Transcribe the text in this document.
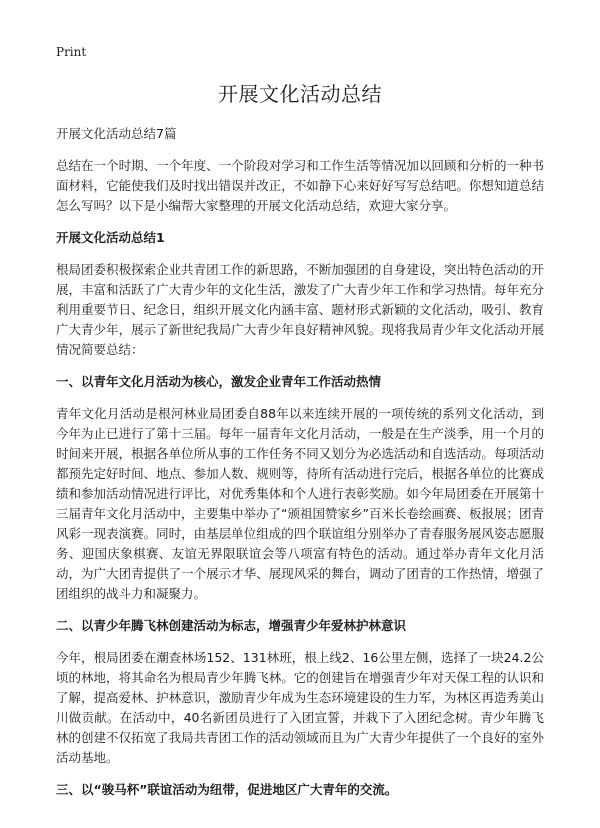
Print
开展文化活动总结

开展文化活动总结7篇

总结在一个时期、一个年度、一个阶段对学习和工作生活等情况加以回顾和分析的一种书面材料，它能使我们及时找出错误并改正，不如静下心来好好写写总结吧。你想知道总结怎么写吗？以下是小编帮大家整理的开展文化活动总结，欢迎大家分享。

开展文化活动总结1

根局团委积极探索企业共青团工作的新思路，不断加强团的自身建设，突出特色活动的开展，丰富和活跃了广大青少年的文化生活，激发了广大青少年工作和学习热情。每年充分利用重要节日、纪念日，组织开展文化内涵丰富、题材形式新颖的文化活动，吸引、教育广大青少年，展示了新世纪我局广大青少年良好精神风貌。现将我局青少年文化活动开展情况简要总结：

一、以青年文化月活动为核心，激发企业青年工作活动热情

青年文化月活动是根河林业局团委自88年以来连续开展的一项传统的系列文化活动，到今年为止已进行了第十三届。每年一届青年文化月活动，一般是在生产淡季，用一个月的时间来开展，根据各单位所从事的工作任务不同又划分为必选活动和自选活动。每项活动都预先定好时间、地点、参加人数、规则等，待所有活动进行完后，根据各单位的比赛成绩和参加活动情况进行评比，对优秀集体和个人进行表彰奖励。如今年局团委在开展第十三届青年文化月活动中，主要集中举办了“颁祖国赞家乡”百米长卷绘画赛、板报展；团青风彩一现表演赛。同时，由基层单位组成的四个联谊组分别举办了青春服务展风姿志愿服务、迎国庆象棋赛、友谊无界限联谊会等八项富有特色的活动。通过举办青年文化月活动，为广大团青提供了一个展示才华、展现风采的舞台，调动了团青的工作热情，增强了团组织的战斗力和凝聚力。

二、以青少年腾飞林创建活动为标志，增强青少年爱林护林意识

今年，根局团委在潮查林场152、131林班，根上线2、16公里左侧，选择了一块24.2公顷的林地，将其命名为根局青少年腾飞林。它的创建旨在增强青少年对天保工程的认识和了解，提高爱林、护林意识，激励青少年成为生态环境建设的生力军，为林区再造秀美山川做贡献。在活动中，40名新团员进行了入团宣誓，并栽下了入团纪念树。青少年腾飞林的创建不仅拓宽了我局共青团工作的活动领域而且为广大青少年提供了一个良好的室外活动基地。

三、以“骏马杯”联谊活动为纽带，促进地区广大青年的交流。
